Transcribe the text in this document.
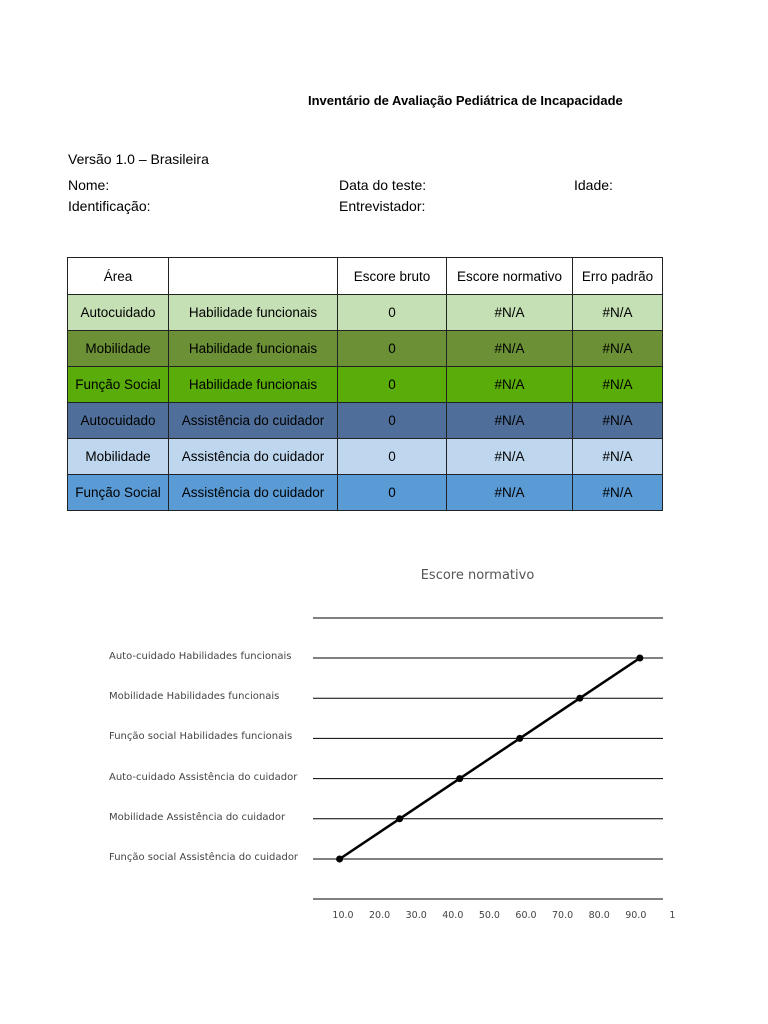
Inventário de Avaliação Pediátrica de Incapacidade
Versão 1.0 – Brasileira
Nome:	Data do teste:	Idade:
Identificação:	Entrevistador:
Área		Escore bruto	Escore normativo	Erro padrão
Autocuidado	Habilidade funcionais	0	#N/A	#N/A
Mobilidade	Habilidade funcionais	0	#N/A	#N/A
Função Social	Habilidade funcionais	0	#N/A	#N/A
Autocuidado	Assistência do cuidador	0	#N/A	#N/A
Mobilidade	Assistência do cuidador	0	#N/A	#N/A
Função Social	Assistência do cuidador	0	#N/A	#N/A
Escore normativo
Auto-cuidado Habilidades funcionais
Mobilidade Habilidades funcionais
Função social Habilidades funcionais
Auto-cuidado Assistência do cuidador
Mobilidade Assistência do cuidador
Função social Assistência do cuidador
10.0 20.0 30.0 40.0 50.0 60.0 70.0 80.0 90.0 1
